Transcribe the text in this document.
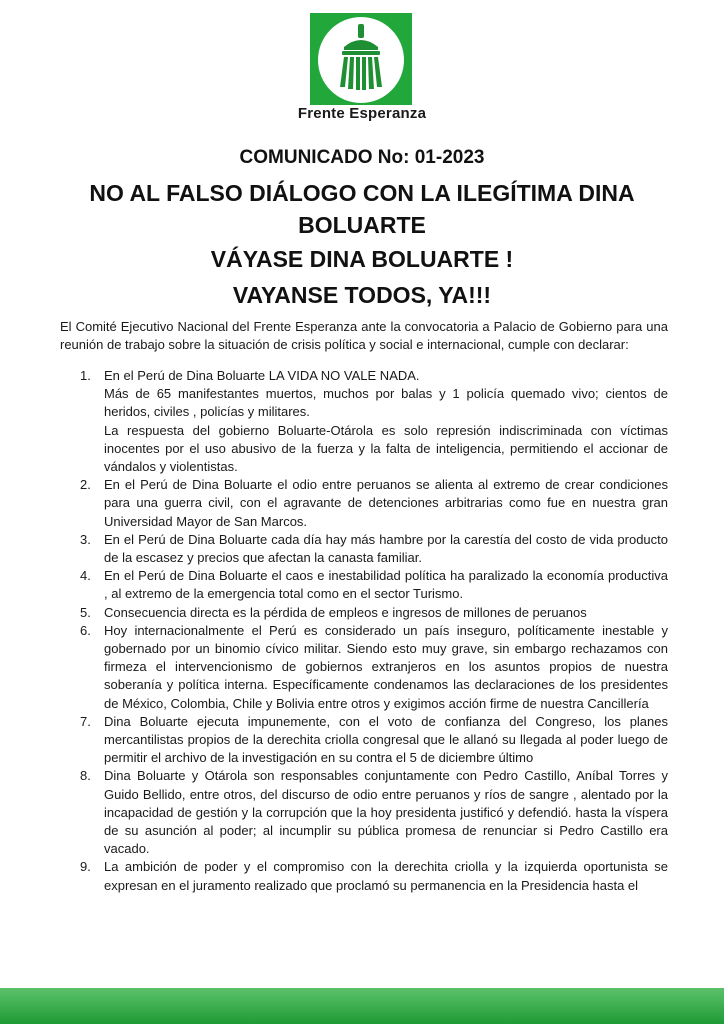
Frente Esperanza
COMUNICADO No: 01-2023
NO AL FALSO DIÁLOGO CON LA ILEGÍTIMA DINA
BOLUARTE
VÁYASE DINA BOLUARTE !
VAYANSE TODOS, YA!!!
El Comité Ejecutivo Nacional del Frente Esperanza ante la convocatoria a Palacio de Gobierno para una reunión de trabajo sobre la situación de crisis política y social e internacional, cumple con declarar:
1. En el Perú de Dina Boluarte LA VIDA NO VALE NADA.

Más de 65 manifestantes muertos, muchos por balas y 1 policía quemado vivo; cientos de heridos, civiles , policías y militares.

La respuesta del gobierno Boluarte-Otárola es solo represión indiscriminada con víctimas inocentes por el uso abusivo de la fuerza y la falta de inteligencia, permitiendo el accionar de vándalos y violentistas.

2. En el Perú de Dina Boluarte el odio entre peruanos se alienta al extremo de crear condiciones para una guerra civil, con el agravante de detenciones arbitrarias como fue en nuestra gran Universidad Mayor de San Marcos.

3. En el Perú de Dina Boluarte cada día hay más hambre por la carestía del costo de vida producto de la escasez y precios que afectan la canasta familiar.

4. En el Perú de Dina Boluarte el caos e inestabilidad política ha paralizado la economía productiva , al extremo de la emergencia total como en el sector Turismo.

5. Consecuencia directa es la pérdida de empleos e ingresos de millones de peruanos

6. Hoy internacionalmente el Perú es considerado un país inseguro, políticamente inestable y gobernado por un binomio cívico militar. Siendo esto muy grave, sin embargo rechazamos con firmeza el intervencionismo de gobiernos extranjeros en los asuntos propios de nuestra soberanía y política interna. Específicamente condenamos las declaraciones de los presidentes de México, Colombia, Chile y Bolivia entre otros y exigimos acción firme de nuestra Cancillería

7. Dina Boluarte ejecuta impunemente, con el voto de confianza del Congreso, los planes mercantilistas propios de la derechita criolla congresal que le allanó su llegada al poder luego de permitir el archivo de la investigación en su contra el 5 de diciembre último

8. Dina Boluarte y Otárola son responsables conjuntamente con Pedro Castillo, Aníbal Torres y Guido Bellido, entre otros, del discurso de odio entre peruanos y ríos de sangre , alentado por la incapacidad de gestión y la corrupción que la hoy presidenta justificó y defendió. hasta la víspera de su asunción al poder; al incumplir su pública promesa de renunciar si Pedro Castillo era vacado.

9. La ambición de poder y el compromiso con la derechita criolla y la izquierda oportunista se expresan en el juramento realizado que proclamó su permanencia en la Presidencia hasta el
